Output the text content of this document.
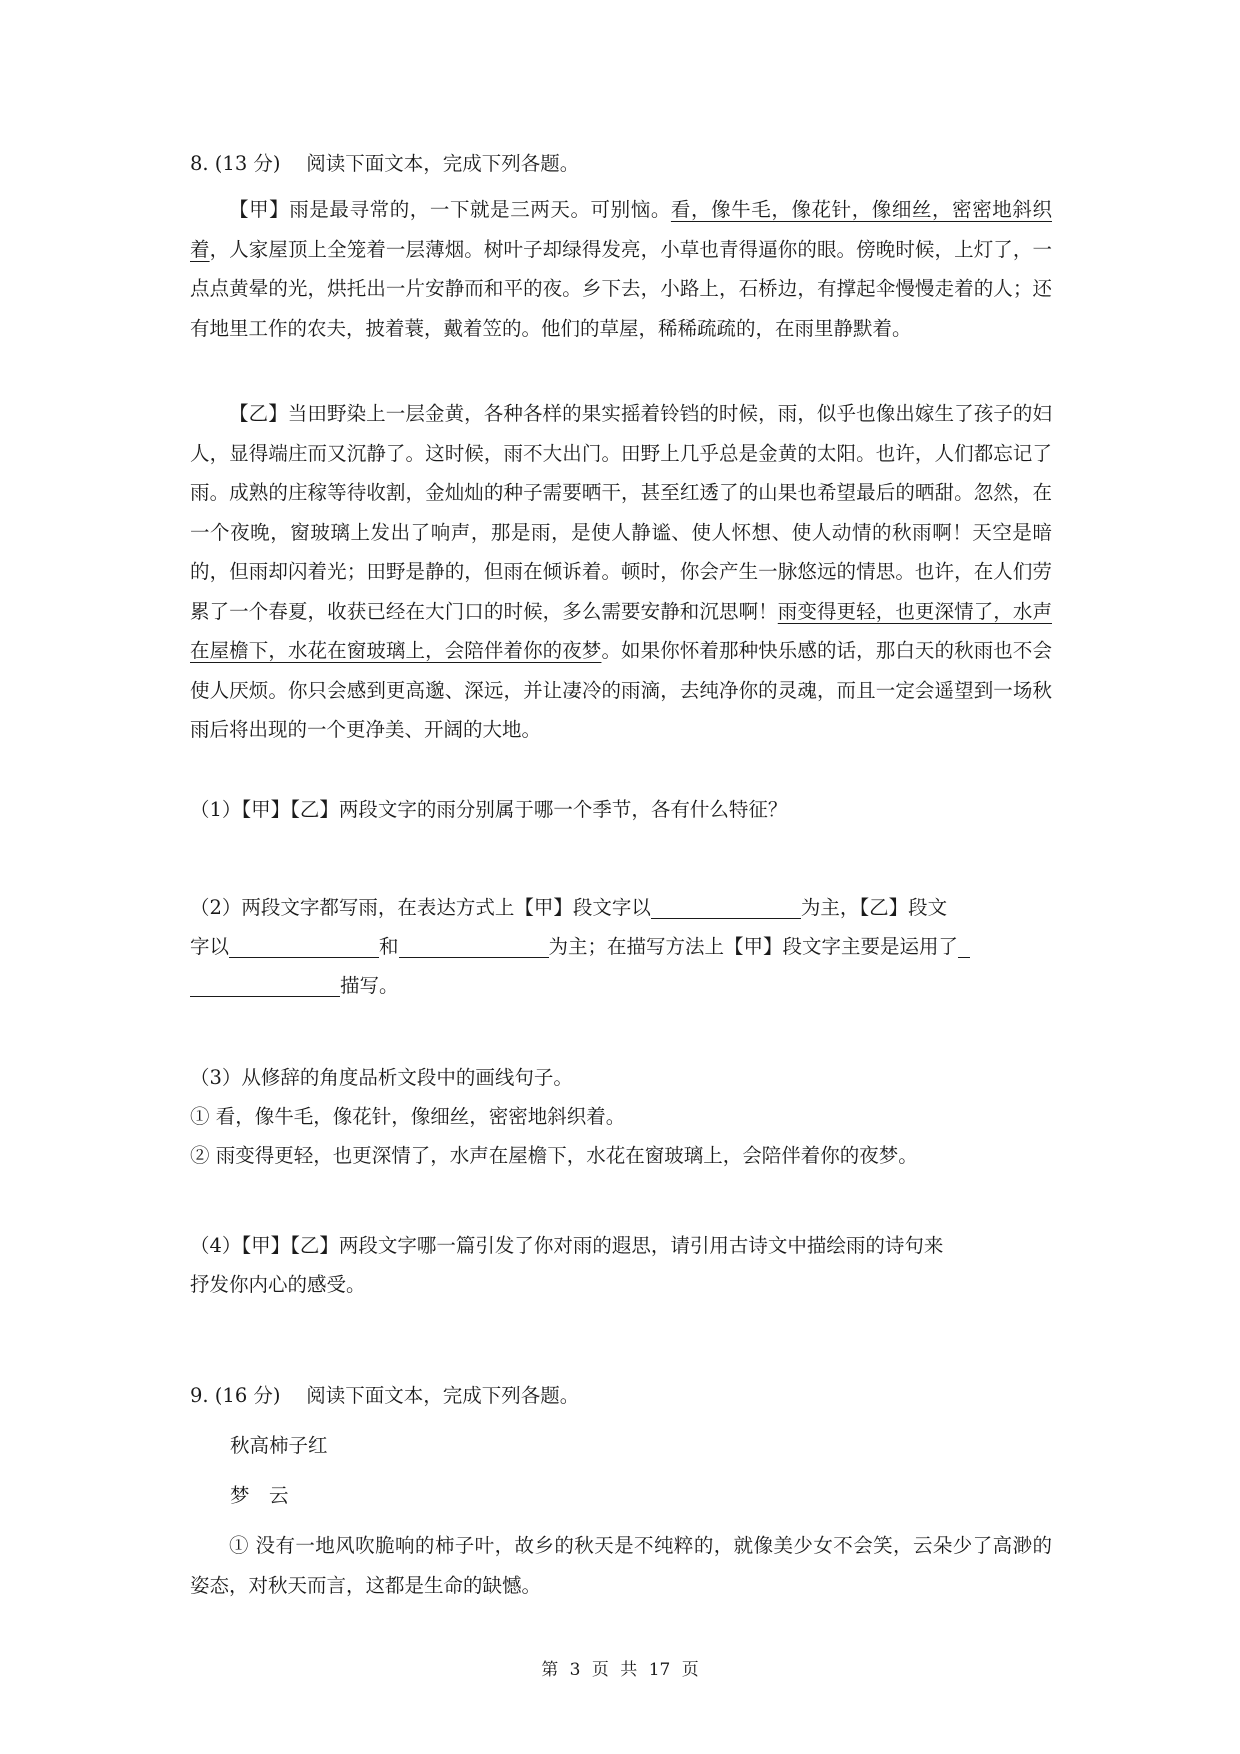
8. (13 分)　 阅读下面文本，完成下列各题。

【甲】雨是最寻常的，一下就是三两天。可别恼。看，像牛毛，像花针，像细丝，密密地斜织着，人家屋顶上全笼着一层薄烟。树叶子却绿得发亮，小草也青得逼你的眼。傍晚时候，上灯了，一点点黄晕的光，烘托出一片安静而和平的夜。乡下去，小路上，石桥边，有撑起伞慢慢走着的人；还有地里工作的农夫，披着蓑，戴着笠的。他们的草屋，稀稀疏疏的，在雨里静默着。

【乙】当田野染上一层金黄，各种各样的果实摇着铃铛的时候，雨，似乎也像出嫁生了孩子的妇人，显得端庄而又沉静了。这时候，雨不大出门。田野上几乎总是金黄的太阳。也许，人们都忘记了雨。成熟的庄稼等待收割，金灿灿的种子需要晒干，甚至红透了的山果也希望最后的晒甜。忽然，在一个夜晚，窗玻璃上发出了响声，那是雨，是使人静谧、使人怀想、使人动情的秋雨啊！天空是暗的，但雨却闪着光；田野是静的，但雨在倾诉着。顿时，你会产生一脉悠远的情思。也许，在人们劳累了一个春夏，收获已经在大门口的时候，多么需要安静和沉思啊！雨变得更轻，也更深情了，水声在屋檐下，水花在窗玻璃上，会陪伴着你的夜梦。如果你怀着那种快乐感的话，那白天的秋雨也不会使人厌烦。你只会感到更高邈、深远，并让凄冷的雨滴，去纯净你的灵魂，而且一定会遥望到一场秋雨后将出现的一个更净美、开阔的大地。

（1）【甲】【乙】两段文字的雨分别属于哪一个季节，各有什么特征？

（2）两段文字都写雨，在表达方式上【甲】段文字以	为主，【乙】段文

字以	和	为主；在描写方法上【甲】段文字主要是运用了

描写。

（3）从修辞的角度品析文段中的画线句子。

① 看，像牛毛，像花针，像细丝，密密地斜织着。

② 雨变得更轻，也更深情了，水声在屋檐下，水花在窗玻璃上，会陪伴着你的夜梦。

（4）【甲】【乙】两段文字哪一篇引发了你对雨的遐思，请引用古诗文中描绘雨的诗句来

抒发你内心的感受。

9. (16 分)　 阅读下面文本，完成下列各题。

秋高柿子红

梦　云

① 没有一地风吹脆响的柿子叶，故乡的秋天是不纯粹的，就像美少女不会笑，云朵少了高渺的姿态，对秋天而言，这都是生命的缺憾。

第 3 页 共 17 页
